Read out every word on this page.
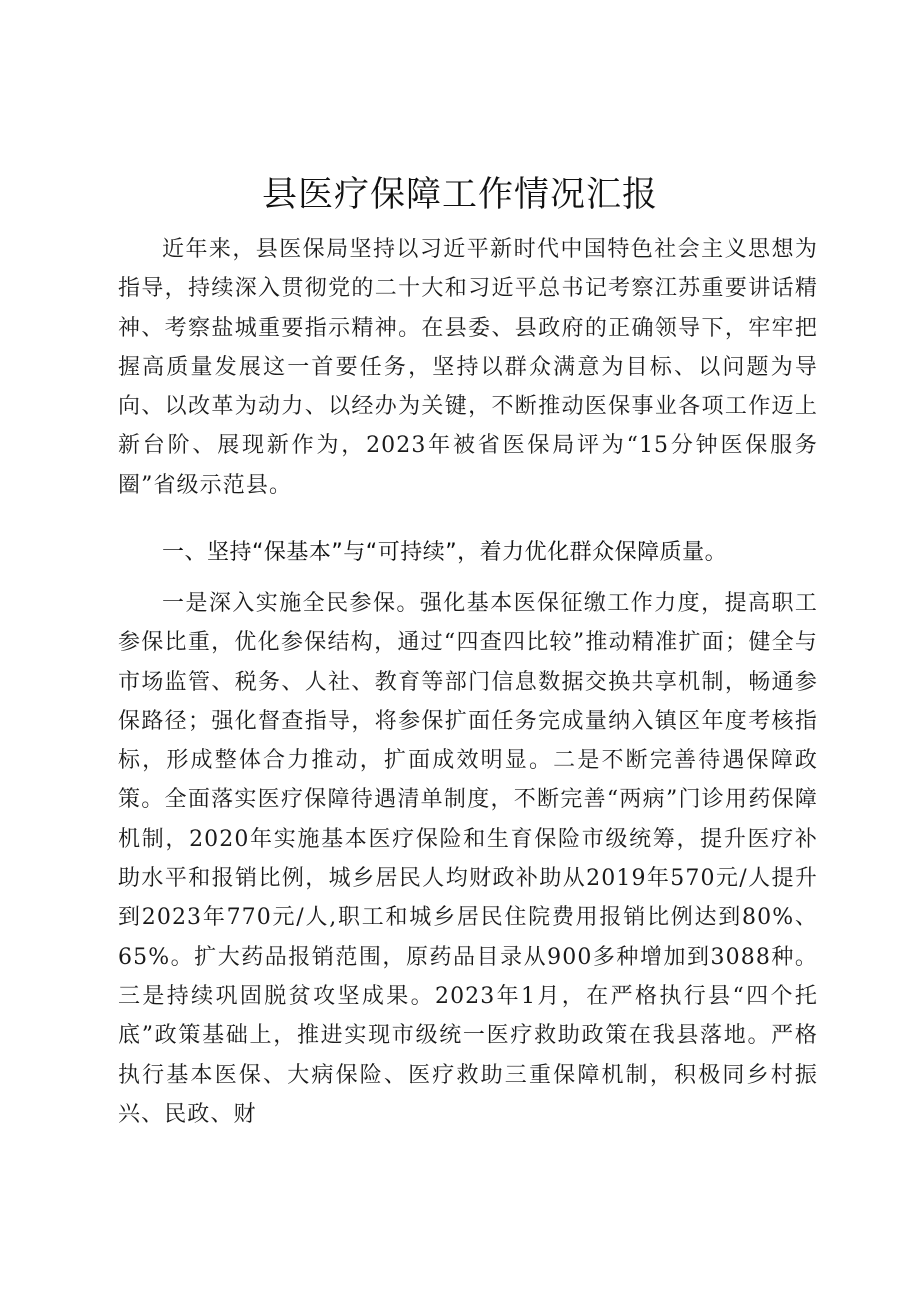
县医疗保障工作情况汇报
近年来，县医保局坚持以习近平新时代中国特色社会主义思想为指导，持续深入贯彻党的二十大和习近平总书记考察江苏重要讲话精神、考察盐城重要指示精神。在县委、县政府的正确领导下，牢牢把握高质量发展这一首要任务，坚持以群众满意为目标、以问题为导向、以改革为动力、以经办为关键，不断推动医保事业各项工作迈上新台阶、展现新作为，2023年被省医保局评为“15分钟医保服务圈”省级示范县。
一、坚持“保基本”与“可持续”，着力优化群众保障质量。
一是深入实施全民参保。强化基本医保征缴工作力度，提高职工参保比重，优化参保结构，通过“四查四比较”推动精准扩面；健全与市场监管、税务、人社、教育等部门信息数据交换共享机制，畅通参保路径；强化督查指导，将参保扩面任务完成量纳入镇区年度考核指标，形成整体合力推动，扩面成效明显。二是不断完善待遇保障政策。全面落实医疗保障待遇清单制度，不断完善“两病”门诊用药保障机制，2020年实施基本医疗保险和生育保险市级统筹，提升医疗补助水平和报销比例，城乡居民人均财政补助从2019年570元/人提升到2023年770元/人,职工和城乡居民住院费用报销比例达到80%、65%。扩大药品报销范围，原药品目录从900多种增加到3088种。三是持续巩固脱贫攻坚成果。2023年1月，在严格执行县“四个托底”政策基础上，推进实现市级统一医疗救助政策在我县落地。严格执行基本医保、大病保险、医疗救助三重保障机制，积极同乡村振兴、民政、财
